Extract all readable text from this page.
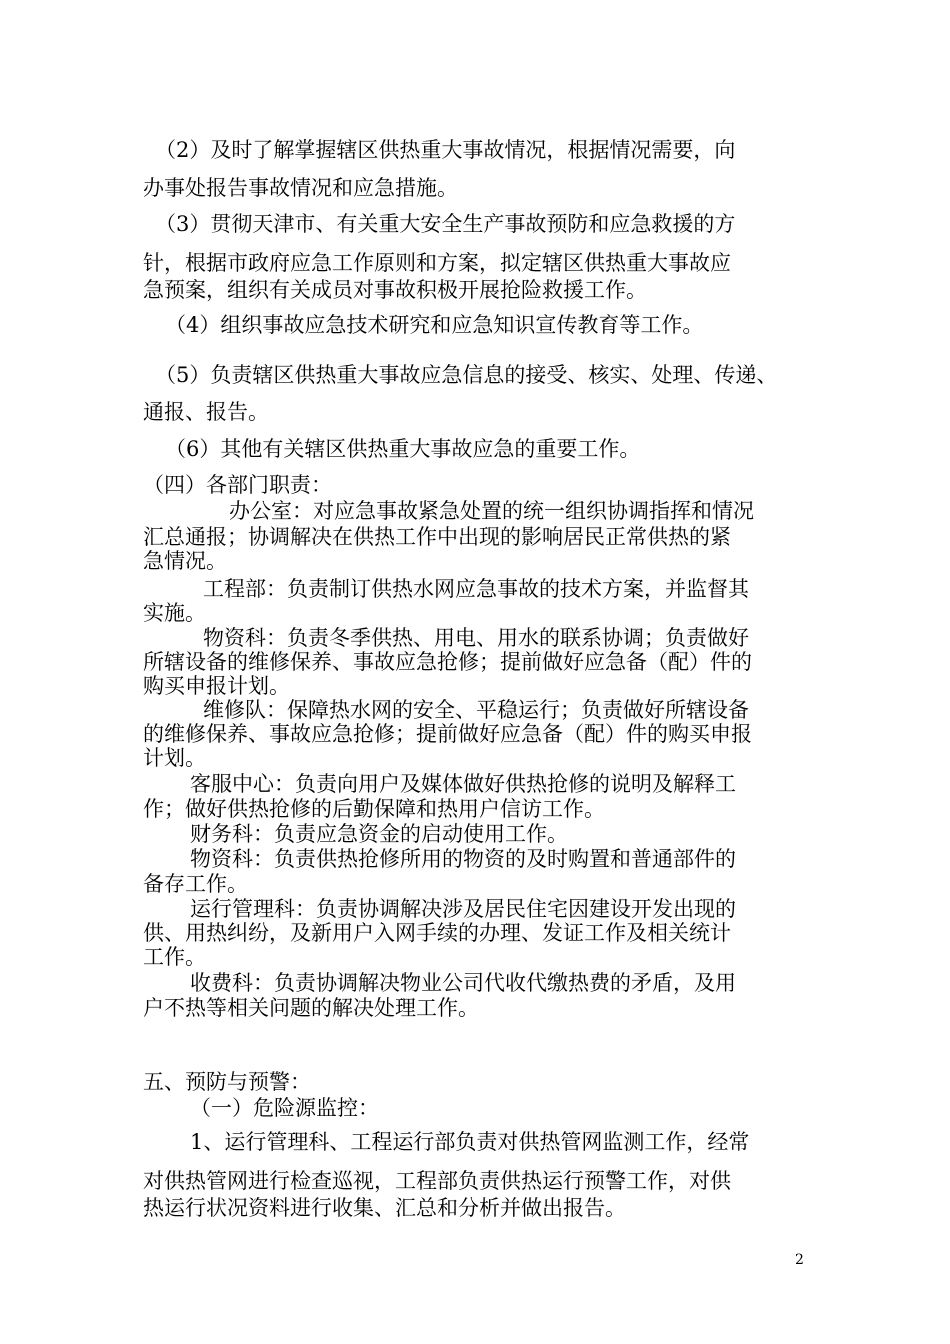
（2）及时了解掌握辖区供热重大事故情况，根据情况需要，向

办事处报告事故情况和应急措施。

（3）贯彻天津市、有关重大安全生产事故预防和应急救援的方

针，根据市政府应急工作原则和方案，拟定辖区供热重大事故应

急预案，组织有关成员对事故积极开展抢险救援工作。

（4）组织事故应急技术研究和应急知识宣传教育等工作。

（5）负责辖区供热重大事故应急信息的接受、核实、处理、传递、

通报、报告。

（6）其他有关辖区供热重大事故应急的重要工作。

（四）各部门职责：

办公室：对应急事故紧急处置的统一组织协调指挥和情况

汇总通报；协调解决在供热工作中出现的影响居民正常供热的紧

急情况。

工程部：负责制订供热水网应急事故的技术方案，并监督其

实施。

物资科：负责冬季供热、用电、用水的联系协调；负责做好

所辖设备的维修保养、事故应急抢修；提前做好应急备（配）件的

购买申报计划。

维修队：保障热水网的安全、平稳运行；负责做好所辖设备

的维修保养、事故应急抢修；提前做好应急备（配）件的购买申报

计划。

客服中心：负责向用户及媒体做好供热抢修的说明及解释工

作；做好供热抢修的后勤保障和热用户信访工作。

财务科：负责应急资金的启动使用工作。

物资科：负责供热抢修所用的物资的及时购置和普通部件的

备存工作。

运行管理科：负责协调解决涉及居民住宅因建设开发出现的

供、用热纠纷，及新用户入网手续的办理、发证工作及相关统计

工作。

收费科：负责协调解决物业公司代收代缴热费的矛盾，及用

户不热等相关问题的解决处理工作。

五、预防与预警：

（一）危险源监控：

1、运行管理科、工程运行部负责对供热管网监测工作，经常

对供热管网进行检查巡视，工程部负责供热运行预警工作，对供

热运行状况资料进行收集、汇总和分析并做出报告。

2
